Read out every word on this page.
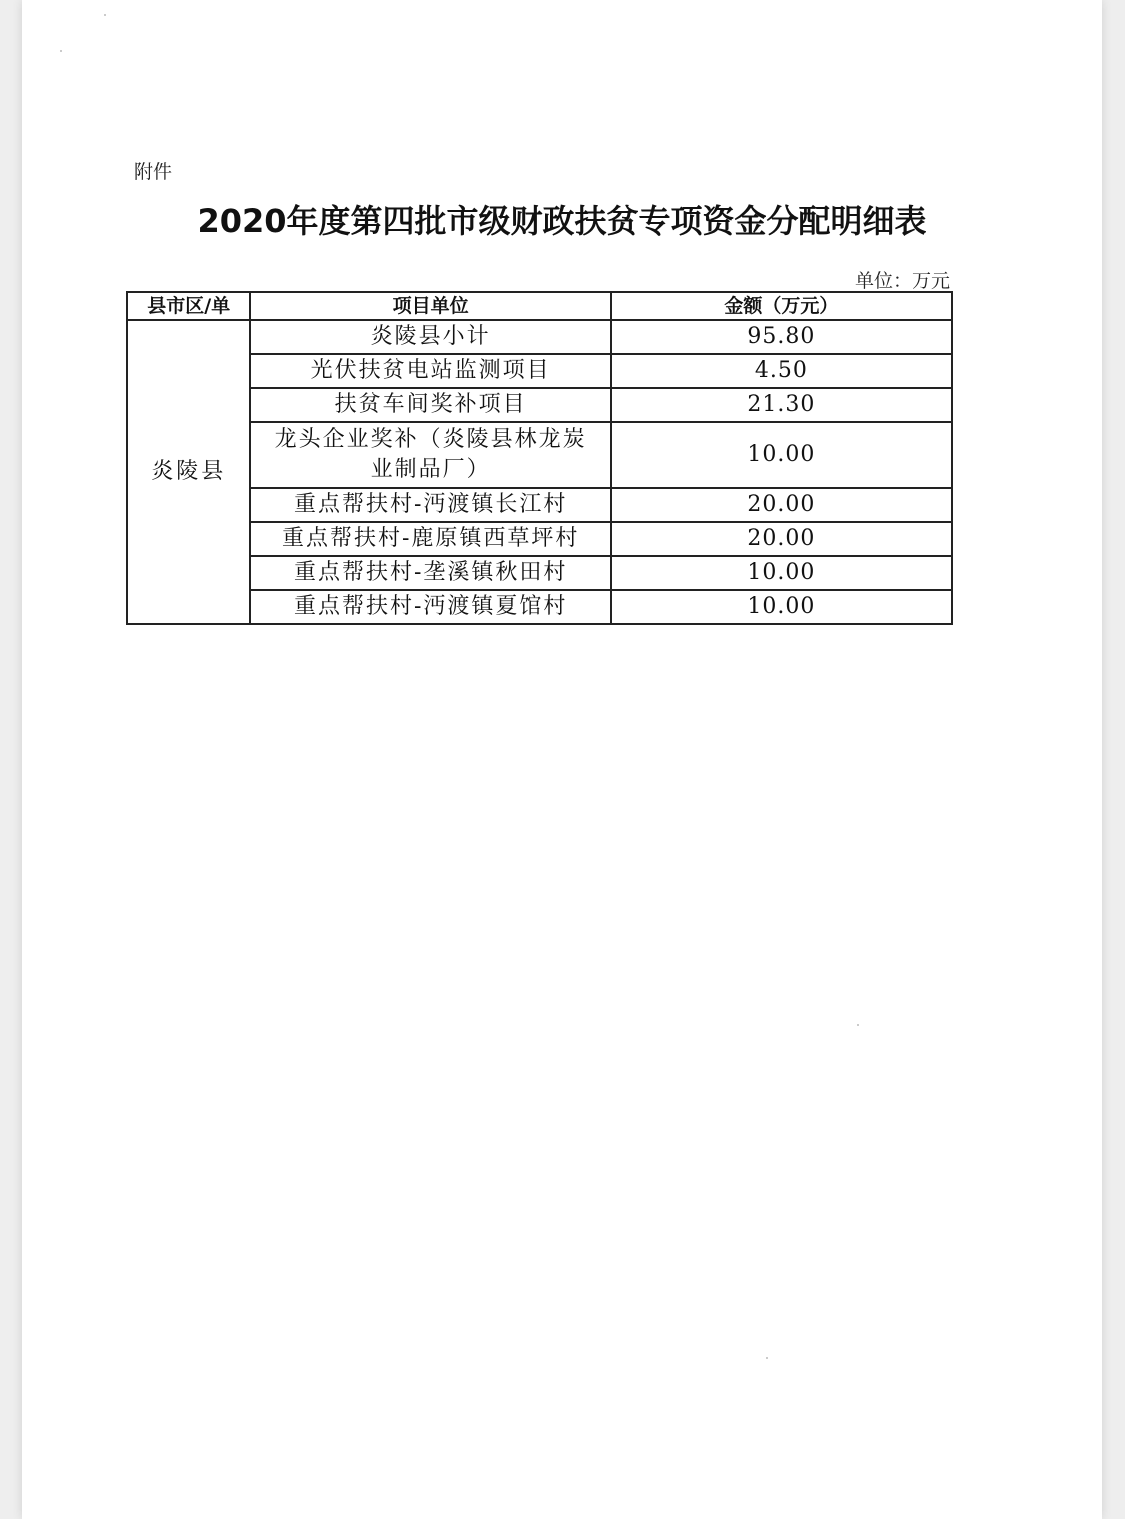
附件
2020年度第四批市级财政扶贫专项资金分配明细表
单位：万元
县市区/单	项目单位	金额（万元）
炎陵县	炎陵县小计	95.80
	光伏扶贫电站监测项目	4.50
	扶贫车间奖补项目	21.30

	龙头企业奖补（炎陵县林龙炭
业制品厂）	10.00
	重点帮扶村-沔渡镇长江村	20.00
	重点帮扶村-鹿原镇西草坪村	20.00
	重点帮扶村-垄溪镇秋田村	10.00
	重点帮扶村-沔渡镇夏馆村	10.00
